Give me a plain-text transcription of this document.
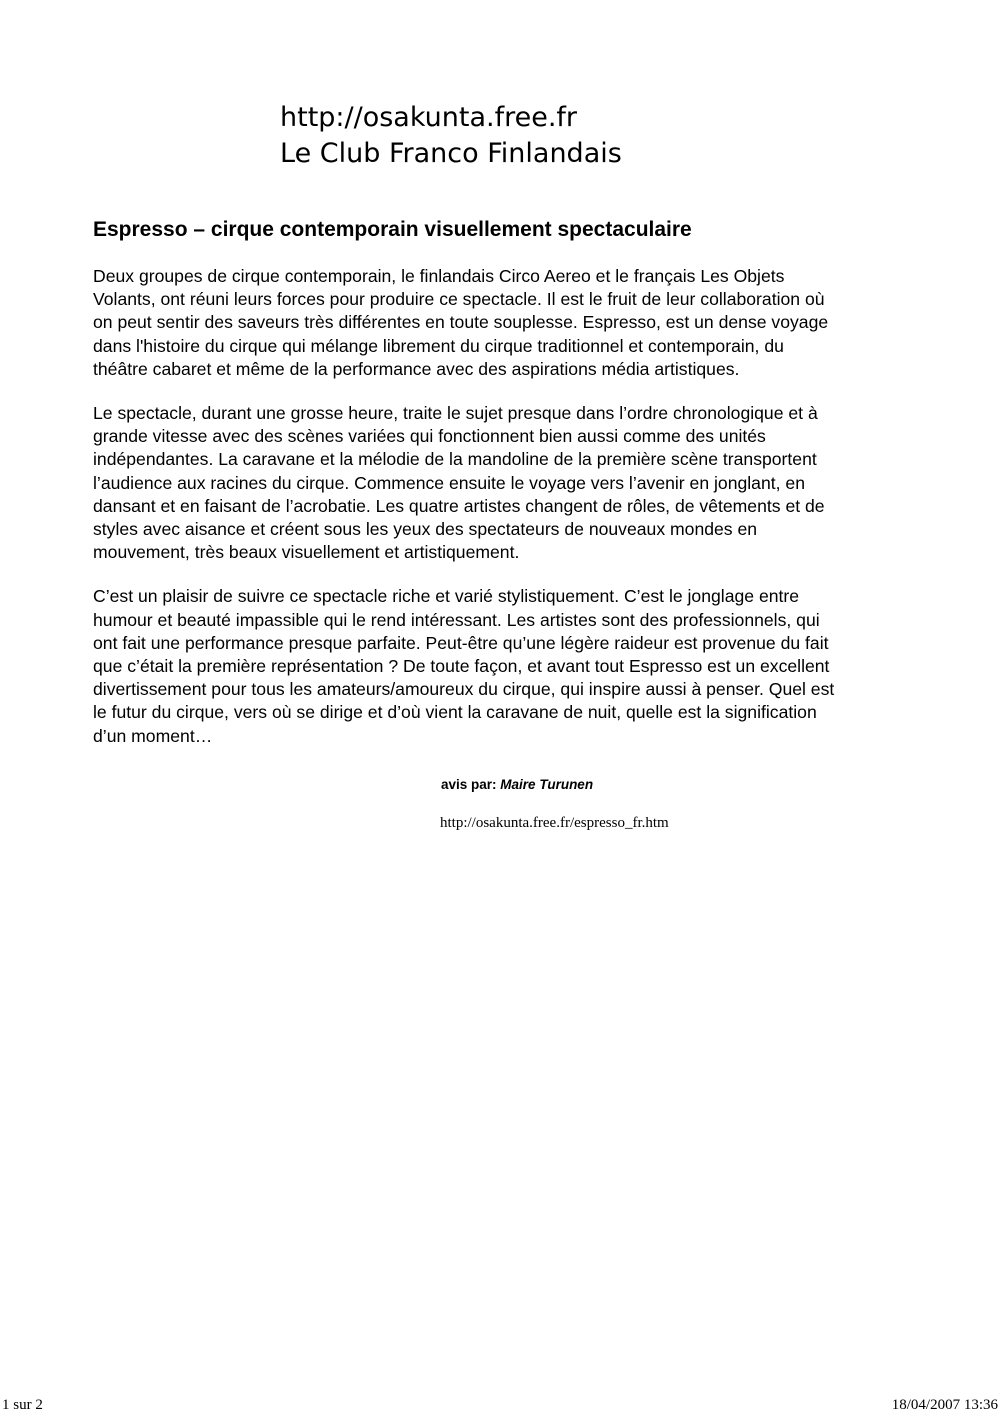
http://osakunta.free.fr
Le Club Franco Finlandais
Espresso – cirque contemporain visuellement spectaculaire

Deux groupes de cirque contemporain, le finlandais Circo Aereo et le français Les Objets
Volants, ont réuni leurs forces pour produire ce spectacle. Il est le fruit de leur collaboration où
on peut sentir des saveurs très différentes en toute souplesse. Espresso, est un dense voyage
dans l'histoire du cirque qui mélange librement du cirque traditionnel et contemporain, du
théâtre cabaret et même de la performance avec des aspirations média artistiques.

Le spectacle, durant une grosse heure, traite le sujet presque dans l’ordre chronologique et à
grande vitesse avec des scènes variées qui fonctionnent bien aussi comme des unités
indépendantes. La caravane et la mélodie de la mandoline de la première scène transportent
l’audience aux racines du cirque. Commence ensuite le voyage vers l’avenir en jonglant, en
dansant et en faisant de l’acrobatie. Les quatre artistes changent de rôles, de vêtements et de
styles avec aisance et créent sous les yeux des spectateurs de nouveaux mondes en
mouvement, très beaux visuellement et artistiquement.

C’est un plaisir de suivre ce spectacle riche et varié stylistiquement. C’est le jonglage entre
humour et beauté impassible qui le rend intéressant. Les artistes sont des professionnels, qui
ont fait une performance presque parfaite. Peut-être qu’une légère raideur est provenue du fait
que c’était la première représentation ? De toute façon, et avant tout Espresso est un excellent
divertissement pour tous les amateurs/amoureux du cirque, qui inspire aussi à penser. Quel est
le futur du cirque, vers où se dirige et d’où vient la caravane de nuit, quelle est la signification
d’un moment…

avis par: Maire Turunen
http://osakunta.free.fr/espresso_fr.htm
1 sur 2	18/04/2007 13:36
